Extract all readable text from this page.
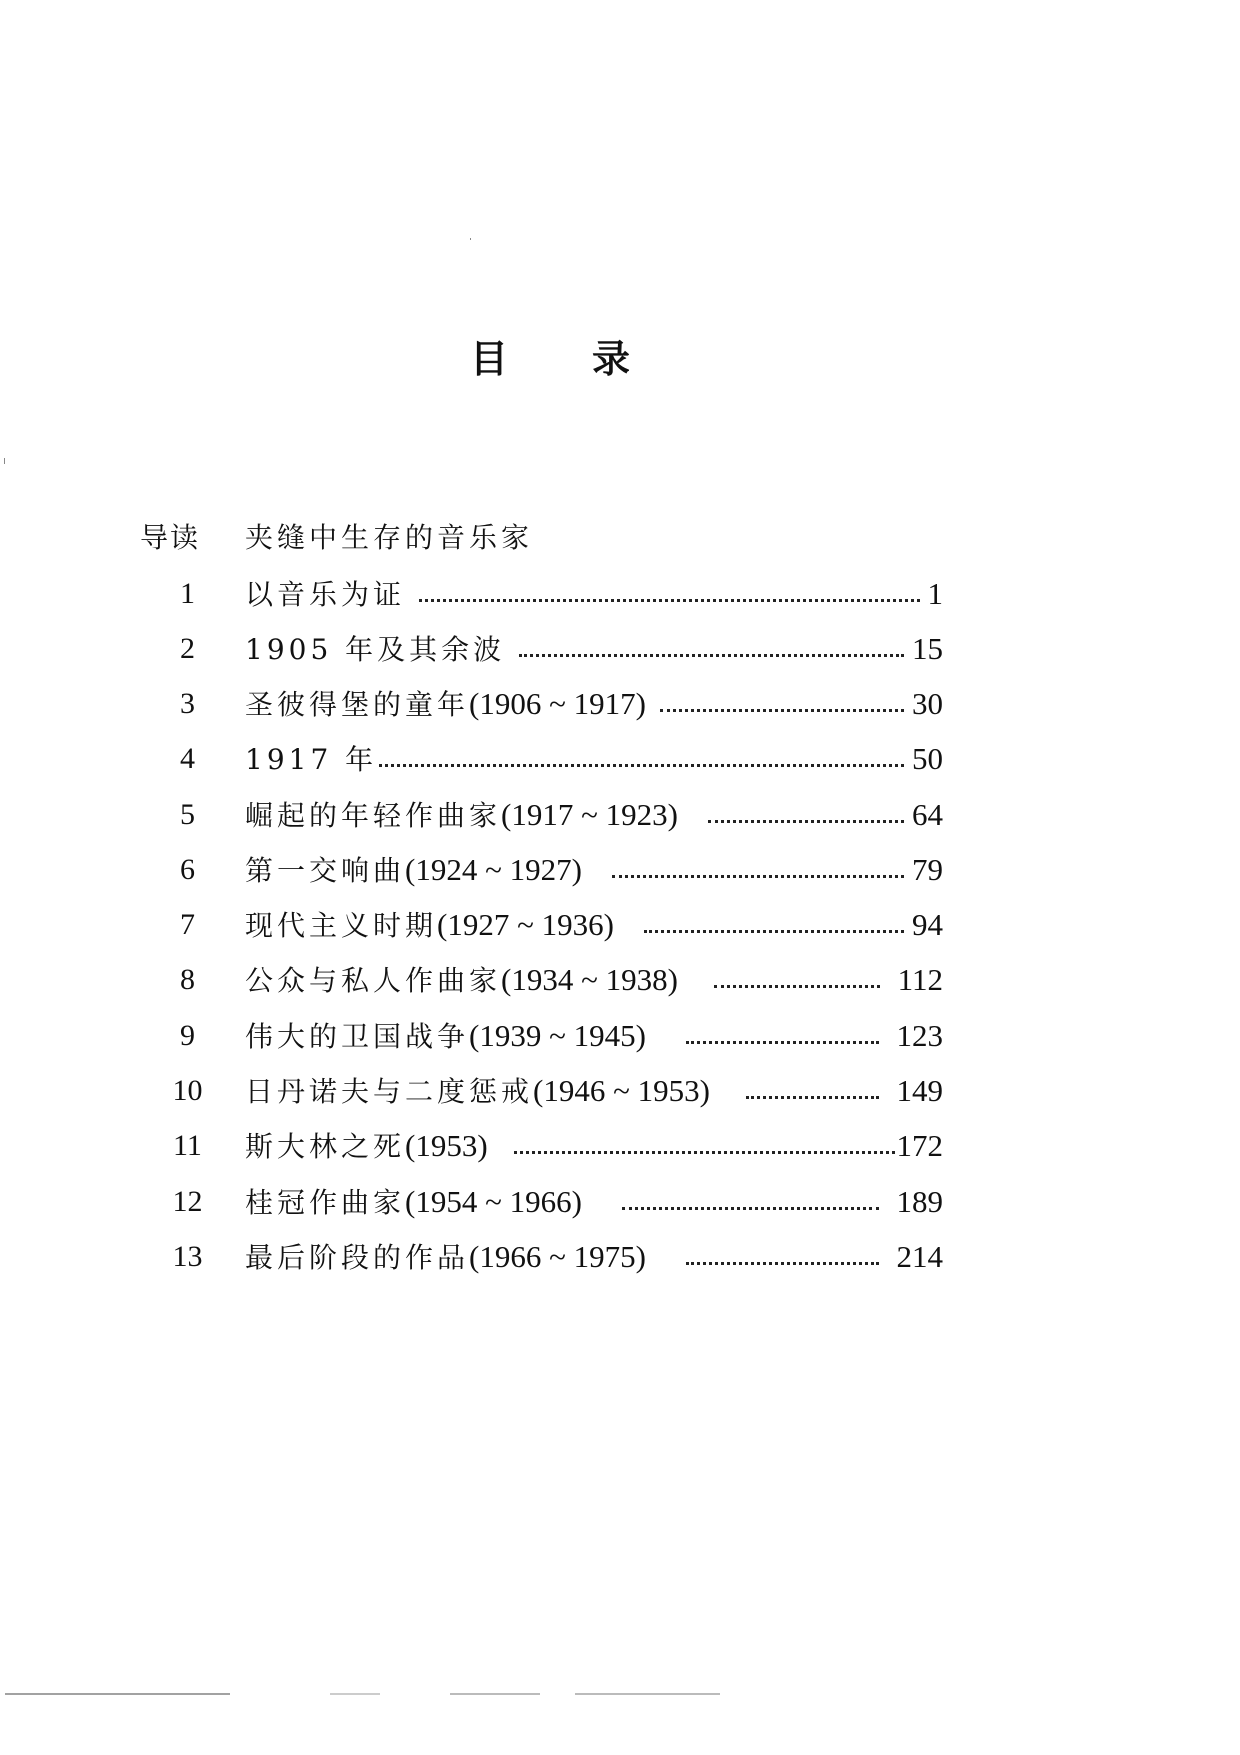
目 录
导读	夹缝中生存的音乐家
1	以音乐为证	1
2	1905 年及其余波	15
3	圣彼得堡的童年(1906 ~ 1917)	30
4	1917 年	50
5	崛起的年轻作曲家(1917 ~ 1923)	64
6	第一交响曲(1924 ~ 1927)	79
7	现代主义时期(1927 ~ 1936)	94
8	公众与私人作曲家(1934 ~ 1938)	112
9	伟大的卫国战争(1939 ~ 1945)	123
10	日丹诺夫与二度惩戒(1946 ~ 1953)	149
11	斯大林之死(1953)	172
12	桂冠作曲家(1954 ~ 1966)	189
13	最后阶段的作品(1966 ~ 1975)	214
